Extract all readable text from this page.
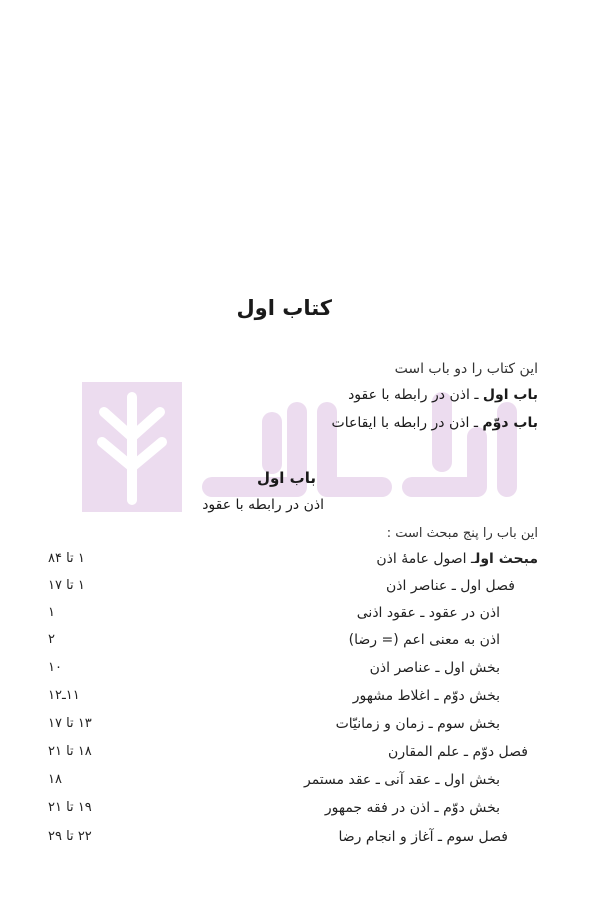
کتاب اول
این کتاب را دو باب است
باب اول ـ اذن در رابطه با عقود
باب دوّم ـ اذن در رابطه با ایقاعات
باب اول
اذن در رابطه با عقود
این باب را پنج مبحث است :
مبحث اولـ اصول عامهٔ اذن
۱ تا ۸۴
فصل اول ـ عناصر اذن
۱ تا ۱۷
اذن در عقود ـ عقود اذنی
۱
اذن به معنی اعم (= رضا)
۲
بخش اول ـ عناصر اذن
۱۰
بخش دوّم ـ اغلاط مشهور
۱۱ـ۱۲
بخش سوم ـ زمان و زمانیّات
۱۳ تا ۱۷
فصل دوّم ـ علم المقارن
۱۸ تا ۲۱
بخش اول ـ عقد آنی ـ عقد مستمر
۱۸
بخش دوّم ـ اذن در فقه جمهور
۱۹ تا ۲۱
فصل سوم ـ آغاز و انجام رضا
۲۲ تا ۲۹
